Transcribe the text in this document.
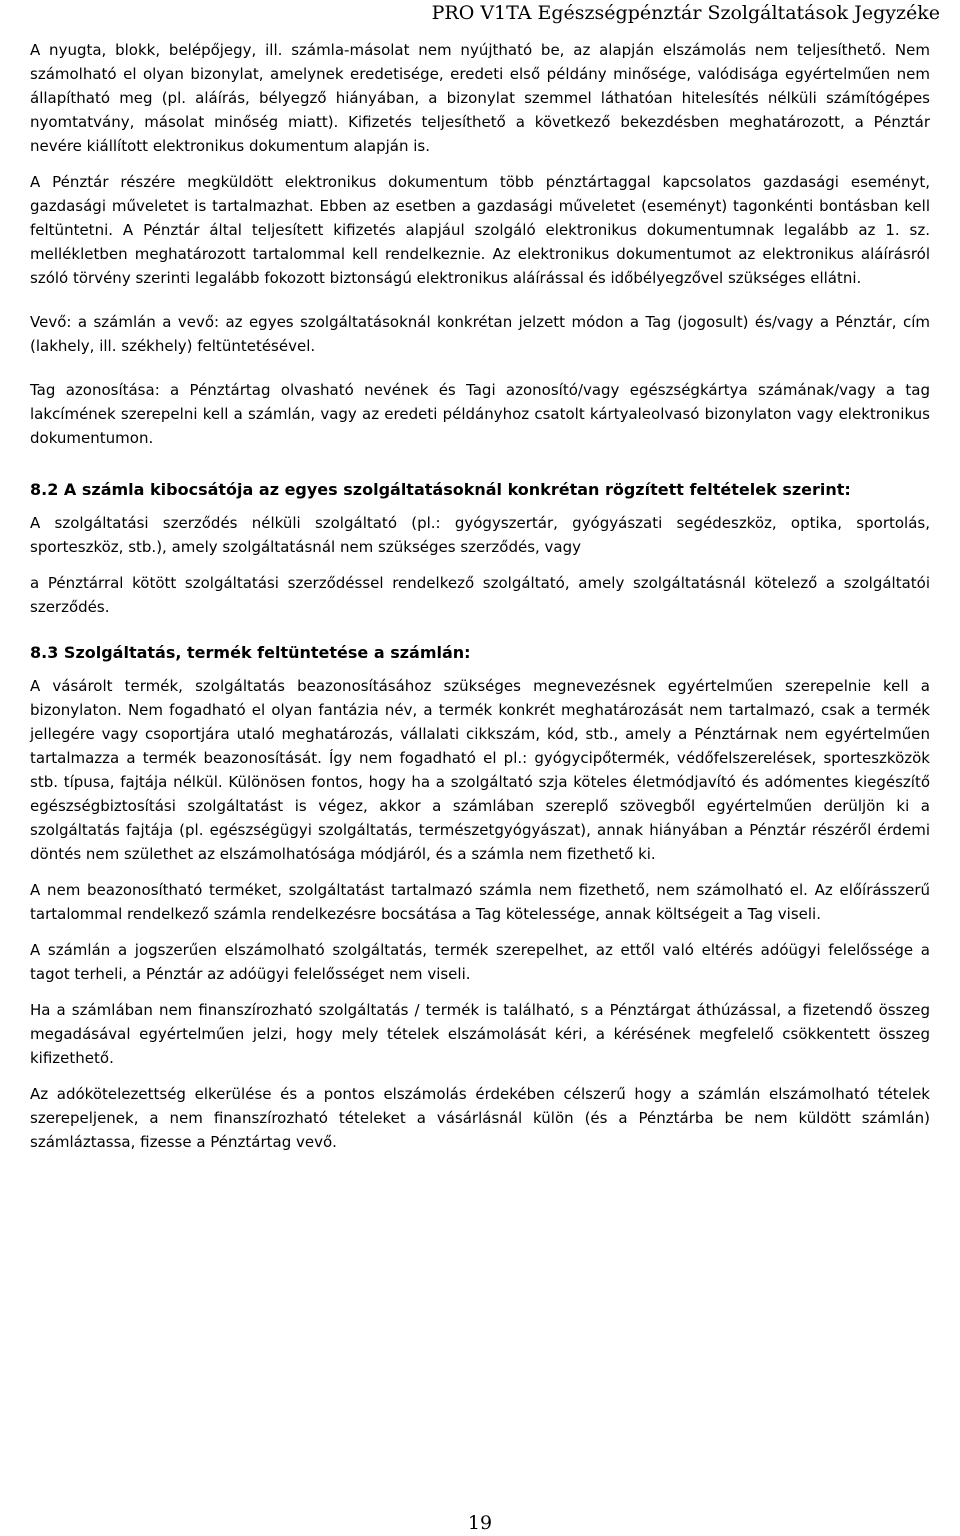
PRO V1TA Egészségpénztár Szolgáltatások Jegyzéke

A nyugta, blokk, belépőjegy, ill. számla-másolat nem nyújtható be, az alapján elszámolás nem teljesíthető. Nem számolható el olyan bizonylat, amelynek eredetisége, eredeti első példány minősége, valódisága egyértelműen nem állapítható meg (pl. aláírás, bélyegző hiányában, a bizonylat szemmel láthatóan hitelesítés nélküli számítógépes nyomtatvány, másolat minőség miatt). Kifizetés teljesíthető a következő bekezdésben meghatározott, a Pénztár nevére kiállított elektronikus dokumentum alapján is.

A Pénztár részére megküldött elektronikus dokumentum több pénztártaggal kapcsolatos gazdasági eseményt, gazdasági műveletet is tartalmazhat. Ebben az esetben a gazdasági műveletet (eseményt) tagonkénti bontásban kell feltüntetni. A Pénztár által teljesített kifizetés alapjául szolgáló elektronikus dokumentumnak legalább az 1. sz. mellékletben meghatározott tartalommal kell rendelkeznie. Az elektronikus dokumentumot az elektronikus aláírásról szóló törvény szerinti legalább fokozott biztonságú elektronikus aláírással és időbélyegzővel szükséges ellátni.

Vevő: a számlán a vevő: az egyes szolgáltatásoknál konkrétan jelzett módon a Tag (jogosult) és/vagy a Pénztár, cím (lakhely, ill. székhely) feltüntetésével.

Tag azonosítása: a Pénztártag olvasható nevének és Tagi azonosító/vagy egészségkártya számának/vagy a tag lakcímének szerepelni kell a számlán, vagy az eredeti példányhoz csatolt kártyaleolvasó bizonylaton vagy elektronikus dokumentumon.

8.2 A számla kibocsátója az egyes szolgáltatásoknál konkrétan rögzített feltételek szerint:

A szolgáltatási szerződés nélküli szolgáltató (pl.: gyógyszertár, gyógyászati segédeszköz, optika, sportolás, sporteszköz, stb.), amely szolgáltatásnál nem szükséges szerződés, vagy

a Pénztárral kötött szolgáltatási szerződéssel rendelkező szolgáltató, amely szolgáltatásnál kötelező a szolgáltatói szerződés.

8.3 Szolgáltatás, termék feltüntetése a számlán:

A vásárolt termék, szolgáltatás beazonosításához szükséges megnevezésnek egyértelműen szerepelnie kell a bizonylaton. Nem fogadható el olyan fantázia név, a termék konkrét meghatározását nem tartalmazó, csak a termék jellegére vagy csoportjára utaló meghatározás, vállalati cikkszám, kód, stb., amely a Pénztárnak nem egyértelműen tartalmazza a termék beazonosítását. Így nem fogadható el pl.: gyógycipőtermék, védőfelszerelések, sporteszközök stb. típusa, fajtája nélkül. Különösen fontos, hogy ha a szolgáltató szja köteles életmódjavító és adómentes kiegészítő egészségbiztosítási szolgáltatást is végez, akkor a számlában szereplő szövegből egyértelműen derüljön ki a szolgáltatás fajtája (pl. egészségügyi szolgáltatás, természetgyógyászat), annak hiányában a Pénztár részéről érdemi döntés nem születhet az elszámolhatósága módjáról, és a számla nem fizethető ki.

A nem beazonosítható terméket, szolgáltatást tartalmazó számla nem fizethető, nem számolható el. Az előírásszerű tartalommal rendelkező számla rendelkezésre bocsátása a Tag kötelessége, annak költségeit a Tag viseli.

A számlán a jogszerűen elszámolható szolgáltatás, termék szerepelhet, az ettől való eltérés adóügyi felelőssége a tagot terheli, a Pénztár az adóügyi felelősséget nem viseli.

Ha a számlában nem finanszírozható szolgáltatás / termék is található, s a Pénztárgat áthúzással, a fizetendő összeg megadásával egyértelműen jelzi, hogy mely tételek elszámolását kéri, a kérésének megfelelő csökkentett összeg kifizethető.

Az adókötelezettség elkerülése és a pontos elszámolás érdekében célszerű hogy a számlán elszámolható tételek szerepeljenek, a nem finanszírozható tételeket a vásárlásnál külön (és a Pénztárba be nem küldött számlán) számláztassa, fizesse a Pénztártag vevő.

19
